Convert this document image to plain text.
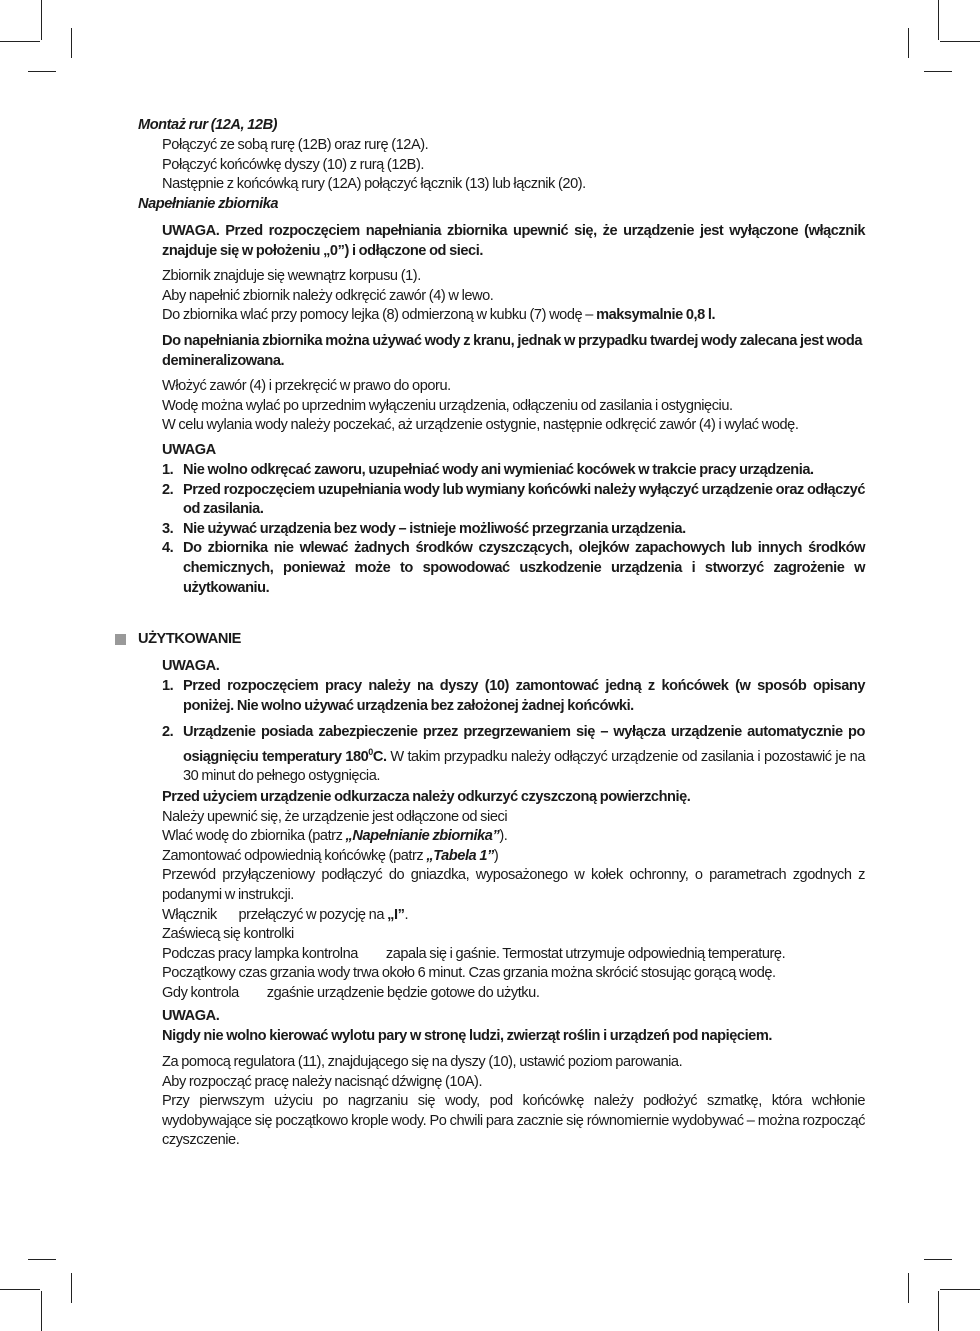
Montaż rur (12A, 12B)
Połączyć ze sobą rurę (12B) oraz rurę (12A).
Połączyć końcówkę dyszy (10) z rurą (12B).
Następnie z końcówką rury (12A) połączyć łącznik (13) lub łącznik (20).
Napełnianie zbiornika
UWAGA. Przed rozpoczęciem napełniania zbiornika upewnić się, że urządzenie jest wyłączone (włącznik       znajduje się w położeniu „0”) i odłączone od sieci.
Zbiornik znajduje się wewnątrz korpusu (1).
Aby napełnić zbiornik należy odkręcić zawór (4) w lewo.
Do zbiornika wlać przy pomocy lejka (8) odmierzoną w kubku (7) wodę – maksymalnie 0,8 l.
Do napełniania zbiornika można używać wody z kranu, jednak w przypadku twardej wody zalecana jest woda demineralizowana.
Włożyć zawór (4) i przekręcić w prawo do oporu.
Wodę można wylać po uprzednim wyłączeniu urządzenia, odłączeniu od zasilania i ostygnięciu.
W celu wylania wody należy poczekać, aż urządzenie ostygnie, następnie odkręcić zawór (4) i wylać wodę.
UWAGA
1. Nie wolno odkręcać zaworu, uzupełniać wody ani wymieniać kocówek w trakcie pracy urządzenia.
2. Przed rozpoczęciem uzupełniania wody lub wymiany końcówki należy wyłączyć urządzenie oraz odłączyć od zasilania.
3. Nie używać urządzenia bez wody – istnieje możliwość przegrzania urządzenia.
4. Do zbiornika nie wlewać żadnych środków czyszczących, olejków zapachowych lub innych środków chemicznych, ponieważ może to spowodować uszkodzenie urządzenia i stworzyć zagrożenie w użytkowaniu.
UŻYTKOWANIE
UWAGA.
1. Przed rozpoczęciem pracy należy na dyszy (10) zamontować jedną z końcówek (w sposób opisany poniżej. Nie wolno używać urządzenia bez założonej żadnej końcówki.
2. Urządzenie posiada zabezpieczenie przez przegrzewaniem się – wyłącza urządzenie automatycznie po osiągnięciu temperatury $180^0C$. W takim przypadku należy odłączyć urządzenie od zasilania i pozostawić je na 30 minut do pełnego ostygnięcia.
Przed użyciem urządzenie odkurzacza należy odkurzyć czyszczoną powierzchnię.
Należy upewnić się, że urządzenie jest odłączone od sieci
Wlać wodę do zbiornika (patrz „Napełnianie zbiornika”).
Zamontować odpowiednią końcówkę (patrz „Tabela 1”)
Przewód przyłączeniowy podłączyć do gniazdka, wyposażonego w kołek ochronny, o parametrach zgodnych z podanymi w instrukcji.
Włącznik       przełączyć w pozycję na „I”.
Zaświecą się kontrolki
Podczas pracy lampka kontrolna         zapala się i gaśnie. Termostat utrzymuje odpowiednią temperaturę.
Początkowy czas grzania wody trwa około 6 minut. Czas grzania można skrócić stosując gorącą wodę.
Gdy kontrola         zgaśnie urządzenie będzie gotowe do użytku.
UWAGA.
Nigdy nie wolno kierować wylotu pary w stronę ludzi, zwierząt roślin i urządzeń pod napięciem.
Za pomocą regulatora (11), znajdującego się na dyszy (10), ustawić poziom parowania.
Aby rozpocząć pracę należy nacisnąć dźwignę (10A).
Przy pierwszym użyciu po nagrzaniu się wody, pod końcówkę należy podłożyć szmatkę, która wchłonie wydobywające się początkowo krople wody. Po chwili para zacznie się równomiernie wydobywać – można rozpocząć czyszczenie.
